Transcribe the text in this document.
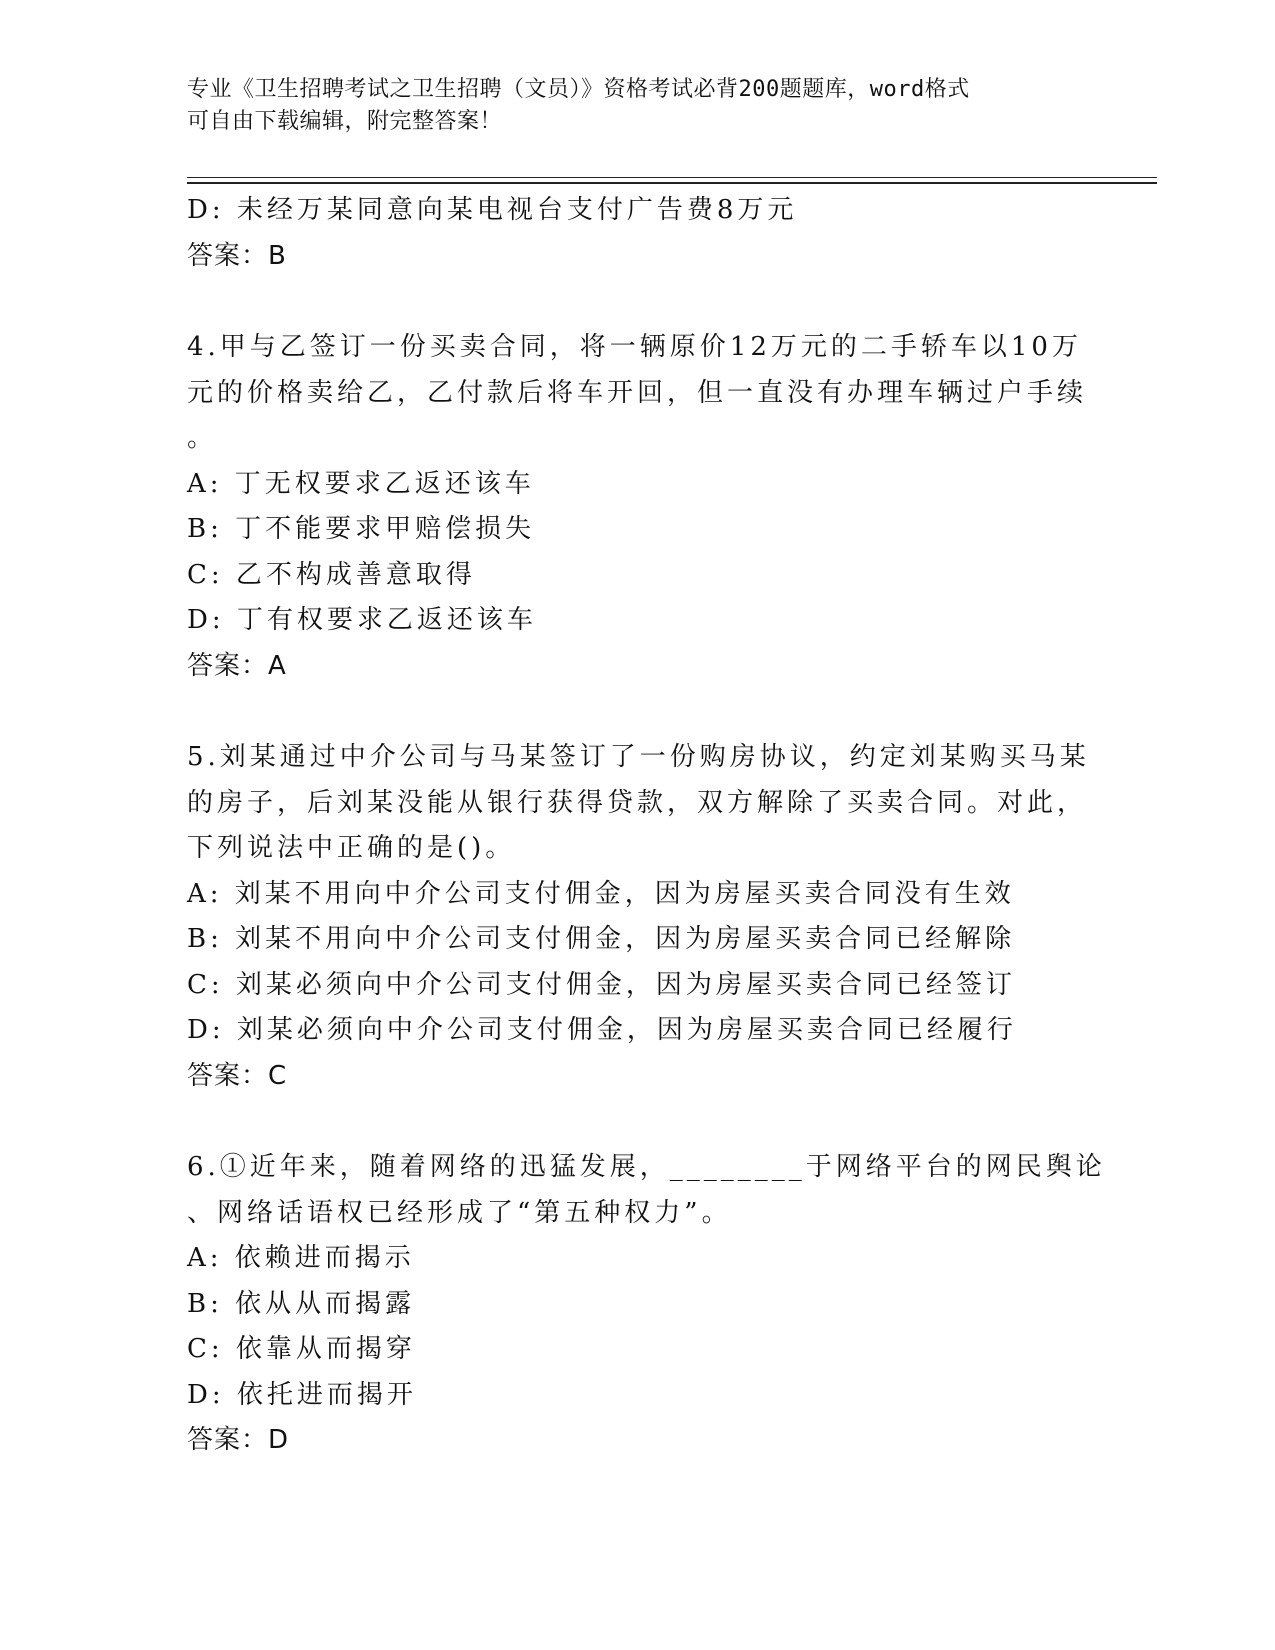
专业《卫生招聘考试之卫生招聘（文员）》资格考试必背200题题库，word格式
可自由下载编辑，附完整答案！
D: 未经万某同意向某电视台支付广告费8万元
答案：B
4.甲与乙签订一份买卖合同，将一辆原价12万元的二手轿车以10万
元的价格卖给乙，乙付款后将车开回，但一直没有办理车辆过户手续
。
A: 丁无权要求乙返还该车
B: 丁不能要求甲赔偿损失
C: 乙不构成善意取得
D: 丁有权要求乙返还该车
答案：A
5.刘某通过中介公司与马某签订了一份购房协议，约定刘某购买马某
的房子，后刘某没能从银行获得贷款，双方解除了买卖合同。对此，
下列说法中正确的是()。
A: 刘某不用向中介公司支付佣金，因为房屋买卖合同没有生效
B: 刘某不用向中介公司支付佣金，因为房屋买卖合同已经解除
C: 刘某必须向中介公司支付佣金，因为房屋买卖合同已经签订
D: 刘某必须向中介公司支付佣金，因为房屋买卖合同已经履行
答案：C
6.①近年来，随着网络的迅猛发展，________于网络平台的网民舆论
、网络话语权已经形成了“第五种权力”。
A: 依赖进而揭示
B: 依从从而揭露
C: 依靠从而揭穿
D: 依托进而揭开
答案：D
